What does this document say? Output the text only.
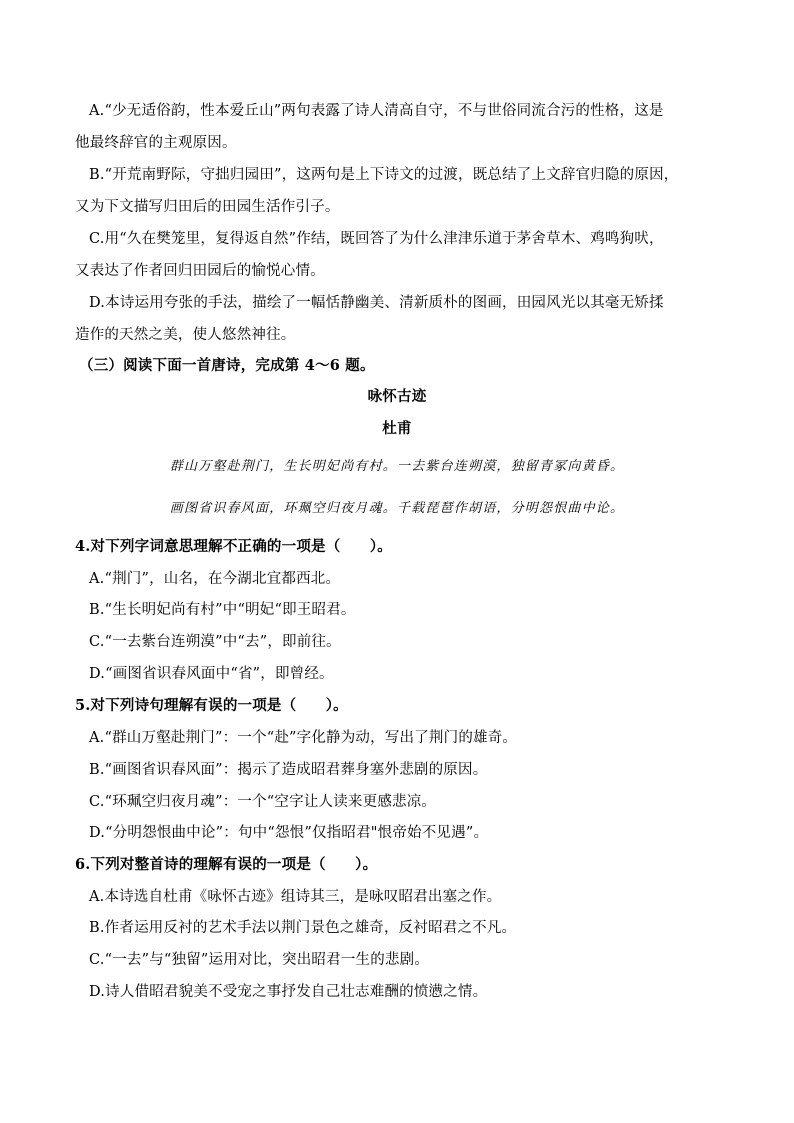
A.“少无适俗韵，性本爱丘山”两句表露了诗人清高自守，不与世俗同流合污的性格，这是
他最终辞官的主观原因。
B.“开荒南野际，守拙归园田”，这两句是上下诗文的过渡，既总结了上文辞官归隐的原因，
又为下文描写归田后的田园生活作引子。
C.用“久在樊笼里，复得返自然”作结，既回答了为什么津津乐道于茅舍草木、鸡鸣狗吠，
又表达了作者回归田园后的愉悦心情。
D.本诗运用夸张的手法，描绘了一幅恬静幽美、清新质朴的图画，田园风光以其毫无矫揉
造作的天然之美，使人悠然神往。
（三）阅读下面一首唐诗，完成第 4～6 题。
咏怀古迹
杜甫
群山万壑赴荆门，生长明妃尚有村。一去紫台连朔漠，独留青冢向黄昏。
画图省识春风面，环珮空归夜月魂。千载琵琶作胡语，分明怨恨曲中论。
4.对下列字词意思理解不正确的一项是（　　）。
A.“荆门”，山名，在今湖北宜都西北。
B.“生长明妃尚有村”中“明妃“即王昭君。
C.“一去紫台连朔漠”中“去”，即前往。
D.“画图省识春风面中“省”，即曾经。
5.对下列诗句理解有误的一项是（　　）。
A.“群山万壑赴荆门”：一个“赴”字化静为动，写出了荆门的雄奇。
B.“画图省识春风面”：揭示了造成昭君葬身塞外悲剧的原因。
C.“环珮空归夜月魂”：一个“空字让人读来更感悲凉。
D.“分明怨恨曲中论”：句中“怨恨”仅指昭君"恨帝始不见遇”。
6.下列对整首诗的理解有误的一项是（　　）。
A.本诗选自杜甫《咏怀古迹》组诗其三，是咏叹昭君出塞之作。
B.作者运用反衬的艺术手法以荆门景色之雄奇，反衬昭君之不凡。
C.“一去”与“独留”运用对比，突出昭君一生的悲剧。
D.诗人借昭君貌美不受宠之事抒发自己壮志难酬的愤懑之情。
